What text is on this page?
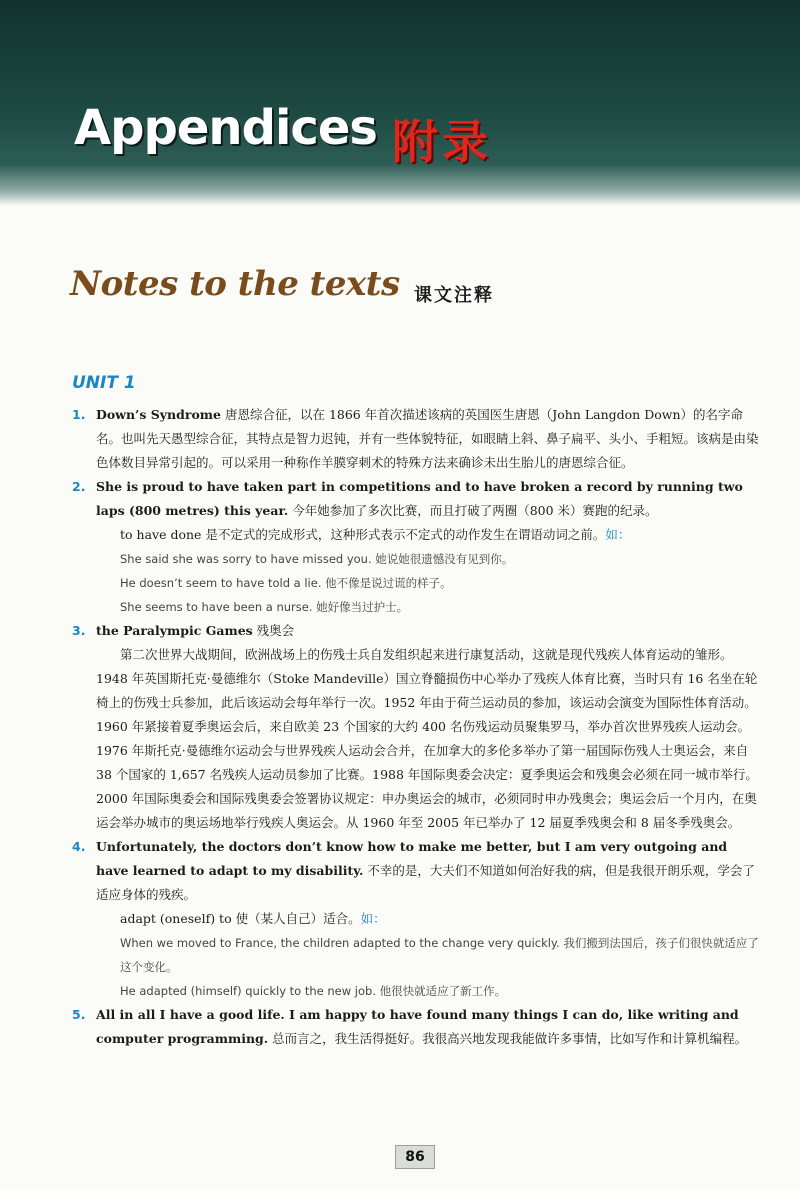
Appendices 附录
Notes to the texts 课文注释
UNIT 1
1. Down’s Syndrome 唐恩综合征，以在 1866 年首次描述该病的英国医生唐恩（John Langdon Down）的名字命名。也叫先天愚型综合征，其特点是智力迟钝，并有一些体貌特征，如眼睛上斜、鼻子扁平、头小、手粗短。该病是由染色体数目异常引起的。可以采用一种称作羊膜穿刺术的特殊方法来确诊未出生胎儿的唐恩综合征。
2. She is proud to have taken part in competitions and to have broken a record by running two laps (800 metres) this year. 今年她参加了多次比赛，而且打破了两圈（800 米）赛跑的纪录。
to have done 是不定式的完成形式，这种形式表示不定式的动作发生在谓语动词之前。如：
She said she was sorry to have missed you. 她说她很遗憾没有见到你。
He doesn’t seem to have told a lie. 他不像是说过谎的样子。
She seems to have been a nurse. 她好像当过护士。
3. the Paralympic Games 残奥会
第二次世界大战期间，欧洲战场上的伤残士兵自发组织起来进行康复活动，这就是现代残疾人体育运动的雏形。1948 年英国斯托克·曼德维尔（Stoke Mandeville）国立脊髓损伤中心举办了残疾人体育比赛，当时只有 16 名坐在轮椅上的伤残士兵参加，此后该运动会每年举行一次。1952 年由于荷兰运动员的参加，该运动会演变为国际性体育活动。1960 年紧接着夏季奥运会后，来自欧美 23 个国家的大约 400 名伤残运动员聚集罗马，举办首次世界残疾人运动会。1976 年斯托克·曼德维尔运动会与世界残疾人运动会合并，在加拿大的多伦多举办了第一届国际伤残人士奥运会，来自 38 个国家的 1,657 名残疾人运动员参加了比赛。1988 年国际奥委会决定：夏季奥运会和残奥会必须在同一城市举行。2000 年国际奥委会和国际残奥委会签署协议规定：申办奥运会的城市，必须同时申办残奥会；奥运会后一个月内，在奥运会举办城市的奥运场地举行残疾人奥运会。从 1960 年至 2005 年已举办了 12 届夏季残奥会和 8 届冬季残奥会。
4. Unfortunately, the doctors don’t know how to make me better, but I am very outgoing and have learned to adapt to my disability. 不幸的是，大夫们不知道如何治好我的病，但是我很开朗乐观，学会了适应身体的残疾。
adapt (oneself) to 使（某人自己）适合。如：
When we moved to France, the children adapted to the change very quickly. 我们搬到法国后，孩子们很快就适应了这个变化。
He adapted (himself) quickly to the new job. 他很快就适应了新工作。
5. All in all I have a good life. I am happy to have found many things I can do, like writing and computer programming. 总而言之，我生活得挺好。我很高兴地发现我能做许多事情，比如写作和计算机编程。
86
